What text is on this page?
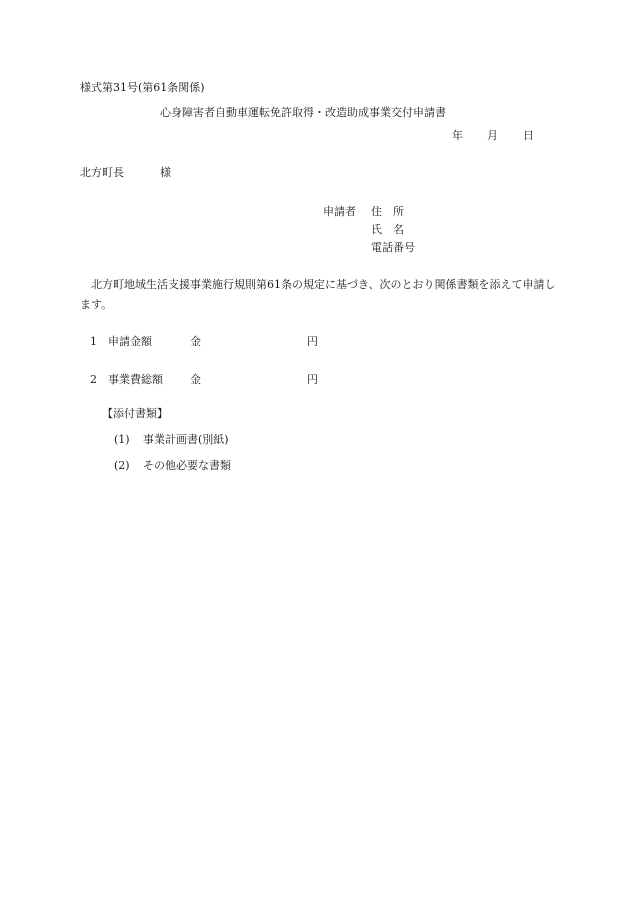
様式第31号(第61条関係)
心身障害者自動車運転免許取得・改造助成事業交付申請書
年 月 日
北方町長	様
申請者 住　所
氏　名
電話番号
北方町地域生活支援事業施行規則第61条の規定に基づき、次のとおり関係書類を添えて申請します。
1 申請金額	金	円
2 事業費総額 金	円
【添付書類】
(1) 事業計画書(別紙)
(2) その他必要な書類
